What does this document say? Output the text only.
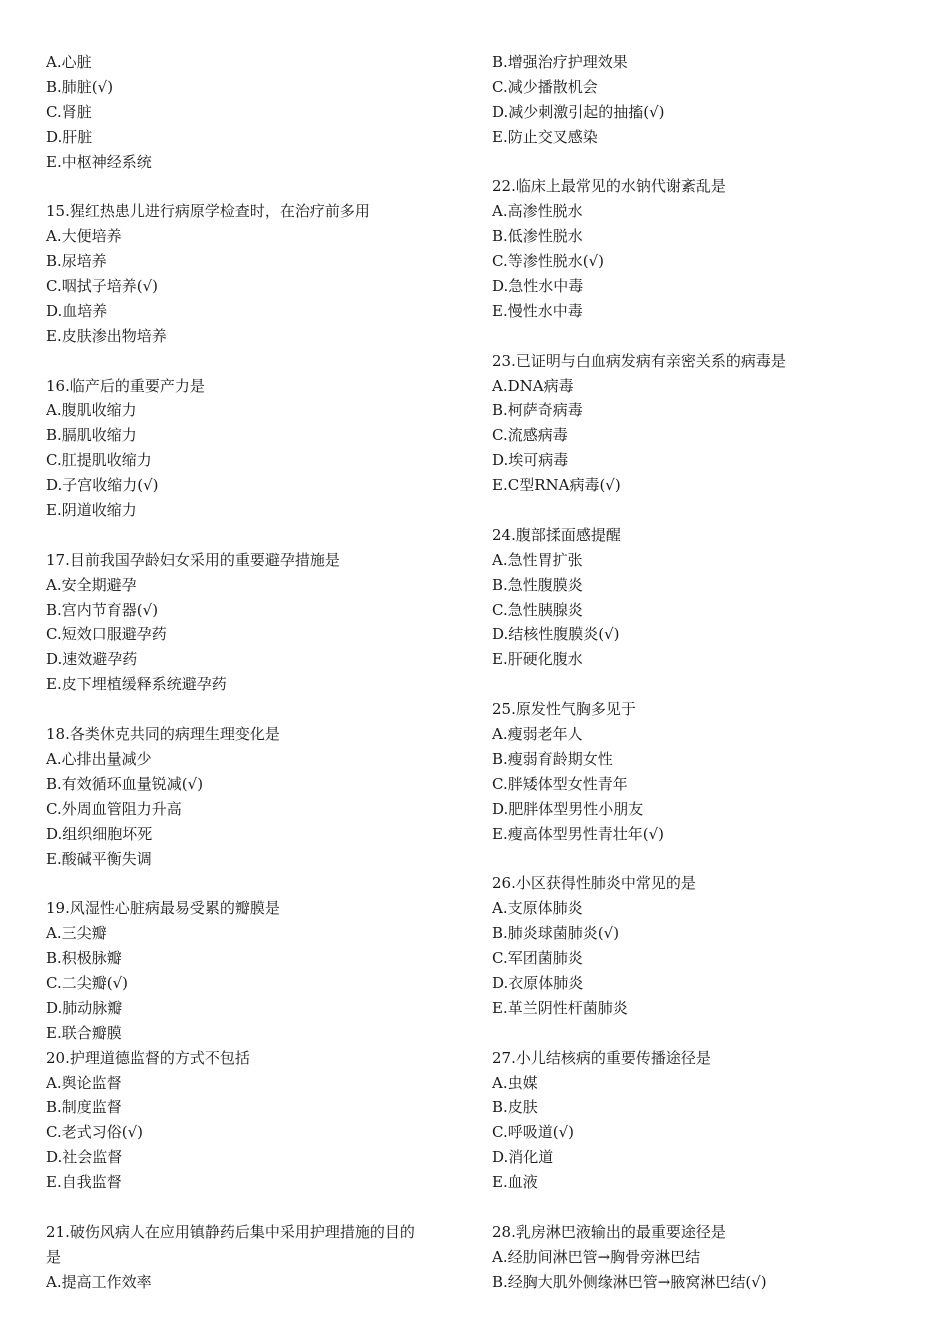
A.心脏
B.肺脏(√)
C.肾脏
D.肝脏
E.中枢神经系统
15.猩红热患儿进行病原学检查时，在治疗前多用
A.大便培养
B.尿培养
C.咽拭子培养(√)
D.血培养
E.皮肤渗出物培养
16.临产后的重要产力是
A.腹肌收缩力
B.膈肌收缩力
C.肛提肌收缩力
D.子宫收缩力(√)
E.阴道收缩力
17.目前我国孕龄妇女采用的重要避孕措施是
A.安全期避孕
B.宫内节育器(√)
C.短效口服避孕药
D.速效避孕药
E.皮下埋植缓释系统避孕药
18.各类休克共同的病理生理变化是
A.心排出量减少
B.有效循环血量锐减(√)
C.外周血管阻力升高
D.组织细胞坏死
E.酸碱平衡失调
19.风湿性心脏病最易受累的瓣膜是
A.三尖瓣
B.积极脉瓣
C.二尖瓣(√)
D.肺动脉瓣
E.联合瓣膜
20.护理道德监督的方式不包括
A.舆论监督
B.制度监督
C.老式习俗(√)
D.社会监督
E.自我监督
21.破伤风病人在应用镇静药后集中采用护理措施的目的
是
A.提高工作效率
B.增强治疗护理效果
C.减少播散机会
D.减少刺激引起的抽搐(√)
E.防止交叉感染
22.临床上最常见的水钠代谢紊乱是
A.高渗性脱水
B.低渗性脱水
C.等渗性脱水(√)
D.急性水中毒
E.慢性水中毒
23.已证明与白血病发病有亲密关系的病毒是
A.DNA病毒
B.柯萨奇病毒
C.流感病毒
D.埃可病毒
E.C型RNA病毒(√)
24.腹部揉面感提醒
A.急性胃扩张
B.急性腹膜炎
C.急性胰腺炎
D.结核性腹膜炎(√)
E.肝硬化腹水
25.原发性气胸多见于
A.瘦弱老年人
B.瘦弱育龄期女性
C.胖矮体型女性青年
D.肥胖体型男性小朋友
E.瘦高体型男性青壮年(√)
26.小区获得性肺炎中常见的是
A.支原体肺炎
B.肺炎球菌肺炎(√)
C.军团菌肺炎
D.衣原体肺炎
E.革兰阴性杆菌肺炎
27.小儿结核病的重要传播途径是
A.虫媒
B.皮肤
C.呼吸道(√)
D.消化道
E.血液
28.乳房淋巴液输出的最重要途径是
A.经肋间淋巴管→胸骨旁淋巴结
B.经胸大肌外侧缘淋巴管→腋窝淋巴结(√)
